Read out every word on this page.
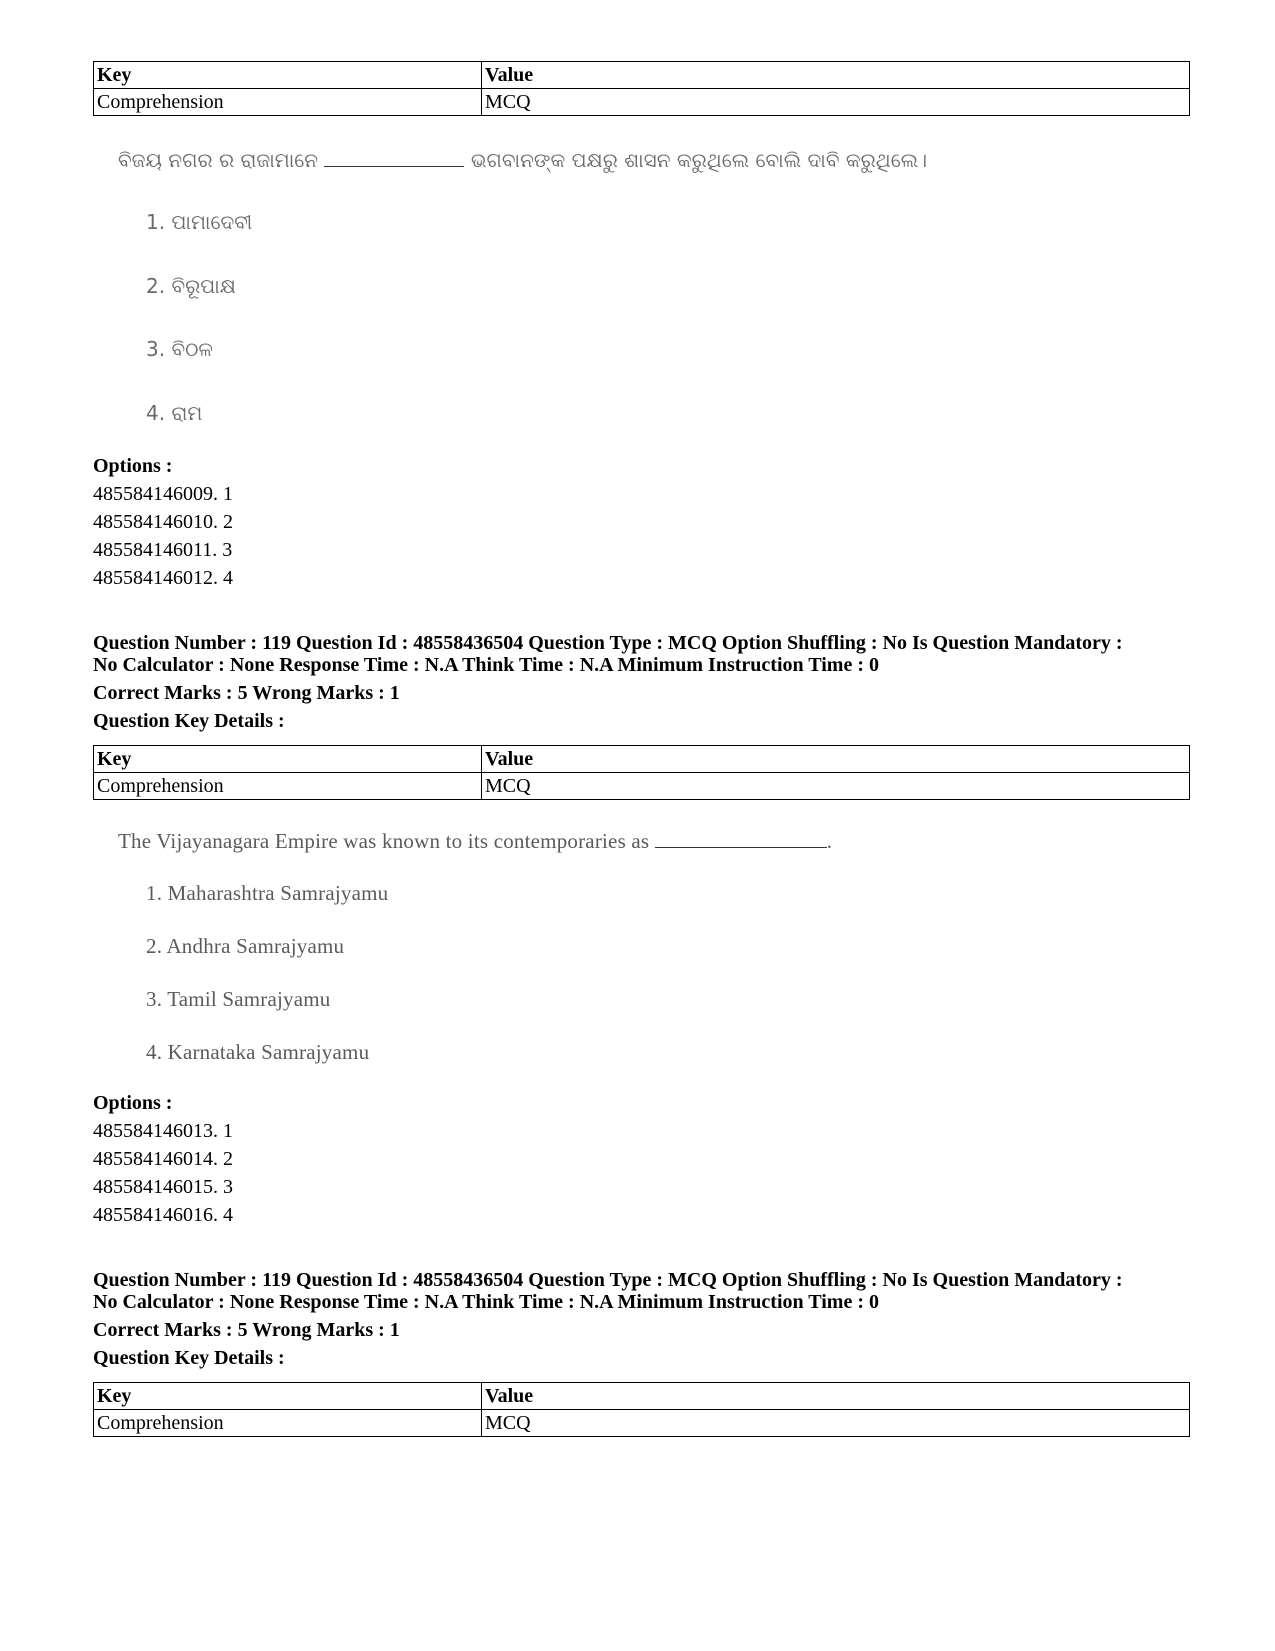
Key	Value
Comprehension	MCQ
ବିଜୟ ନଗର ର ରାଜାମାନେ	ଭଗବାନଙ୍କ ପକ୍ଷରୁ ଶାସନ କରୁଥିଲେ ବୋଲି ଦାବି କରୁଥିଲେ।
1. ପାମାଦେବୀ
2. ବିରୂପାକ୍ଷ
3. ବିଠଳ
4. ରାମ
Options :
485584146009. 1
485584146010. 2
485584146011. 3
485584146012. 4
Question Number : 119 Question Id : 48558436504 Question Type : MCQ Option Shuffling : No Is Question Mandatory :
No Calculator : None Response Time : N.A Think Time : N.A Minimum Instruction Time : 0
Correct Marks : 5 Wrong Marks : 1
Question Key Details :
Key	Value
Comprehension	MCQ
The Vijayanagara Empire was known to its contemporaries as	.
1. Maharashtra Samrajyamu
2. Andhra Samrajyamu
3. Tamil Samrajyamu
4. Karnataka Samrajyamu
Options :
485584146013. 1
485584146014. 2
485584146015. 3
485584146016. 4
Question Number : 119 Question Id : 48558436504 Question Type : MCQ Option Shuffling : No Is Question Mandatory :
No Calculator : None Response Time : N.A Think Time : N.A Minimum Instruction Time : 0
Correct Marks : 5 Wrong Marks : 1
Question Key Details :
Key	Value
Comprehension	MCQ
